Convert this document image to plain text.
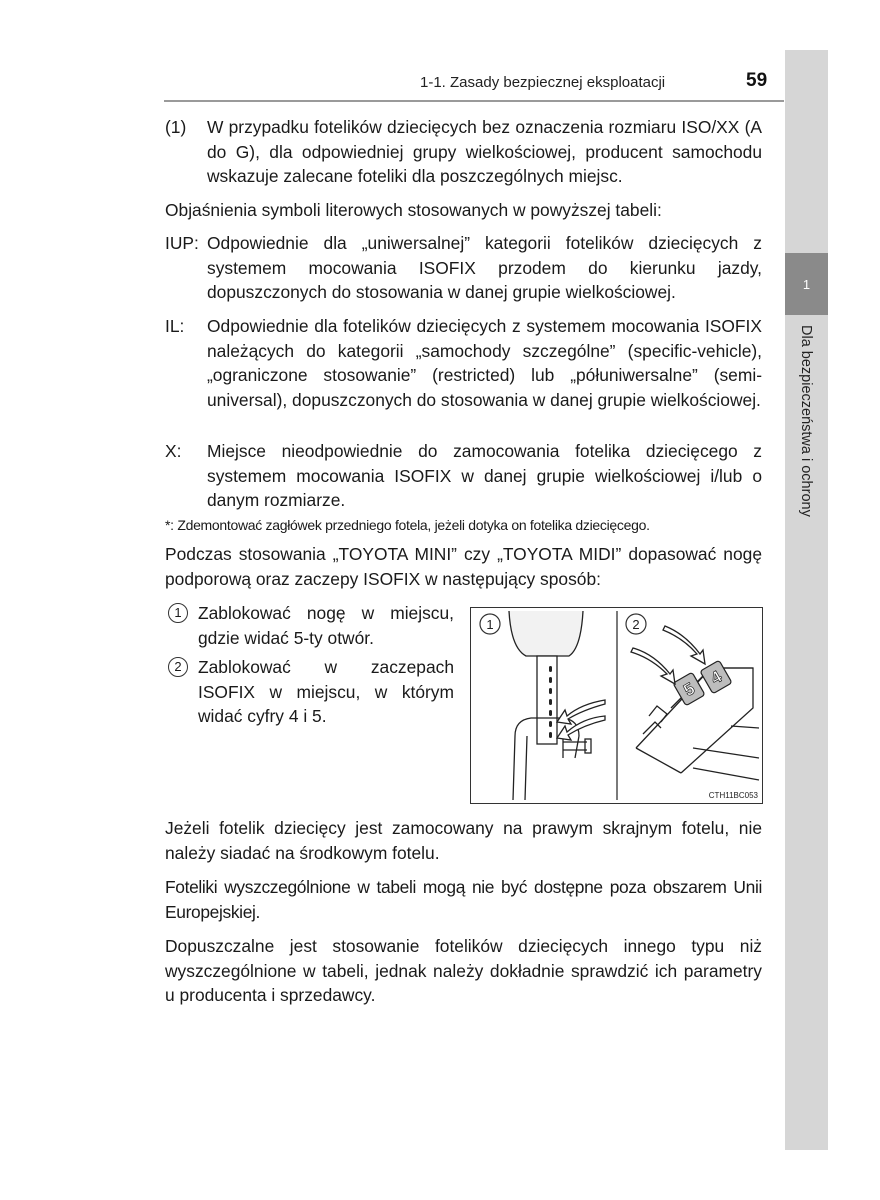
1
Dla bezpieczeństwa i ochrony
1-1. Zasady bezpiecznej eksploatacji	59
(1) W przypadku fotelików dziecięcych bez oznaczenia rozmiaru ISO/XX (A do G), dla odpowiedniej grupy wielkościowej, producent samochodu wskazuje zalecane foteliki dla poszczególnych miejsc.
Objaśnienia symboli literowych stosowanych w powyższej tabeli:
IUP: Odpowiednie dla „uniwersalnej” kategorii fotelików dziecięcych z systemem mocowania ISOFIX przodem do kierunku jazdy, dopuszczonych do stosowania w danej grupie wielkościowej.
IL: Odpowiednie dla fotelików dziecięcych z systemem mocowania ISOFIX należących do kategorii „samochody szczególne” (specific-vehicle), „ograniczone stosowanie” (restricted) lub „półuniwersalne” (semi-universal), dopuszczonych do stosowania w danej grupie wielkościowej.
X: Miejsce nieodpowiednie do zamocowania fotelika dziecięcego z systemem mocowania ISOFIX w danej grupie wielkościowej i/lub o danym rozmiarze.
*: Zdemontować zagłówek przedniego fotela, jeżeli dotyka on fotelika dziecięcego.
Podczas stosowania „TOYOTA MINI” czy „TOYOTA MIDI” dopasować nogę podporową oraz zaczepy ISOFIX w następujący sposób:
1 Zablokować nogę w miejscu, gdzie widać 5-ty otwór.
2 Zablokować w zaczepach ISOFIX w miejscu, w którym widać cyfry 4 i 5.
1	2
5
4
CTH11BC053
Jeżeli fotelik dziecięcy jest zamocowany na prawym skrajnym fotelu, nie należy siadać na środkowym fotelu.
Foteliki wyszczególnione w tabeli mogą nie być dostępne poza obszarem Unii Europejskiej.
Dopuszczalne jest stosowanie fotelików dziecięcych innego typu niż wyszczególnione w tabeli, jednak należy dokładnie sprawdzić ich parametry u producenta i sprzedawcy.
